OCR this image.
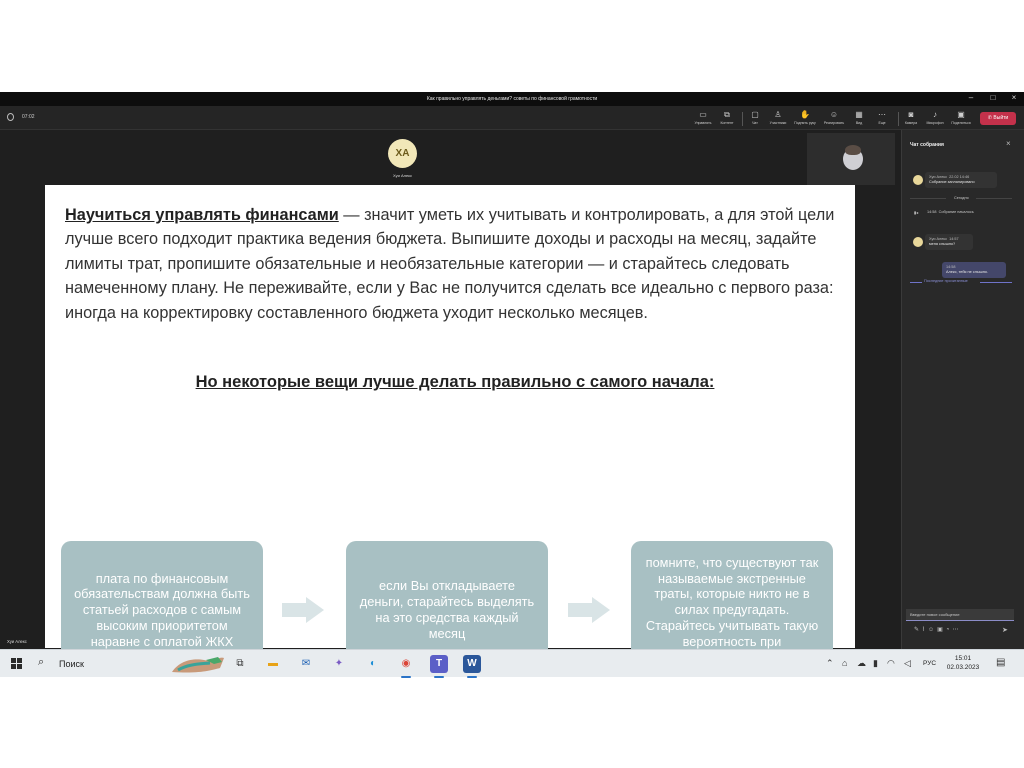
Как правильно управлять деньгами? советы по финансовой грамотности	–	□	×
07:02	▭
Управлять
⧉
Контент
▢
Чат
♙
Участники
✋
Поднять руку
☺
Реагировать
▦
Вид
⋯
Еще
◙
Камера
♪
Микрофон
▣
Поделиться
✆ Выйти
ХА
Хуи Алекс
Научиться управлять финансами — значит уметь их учитывать и контролировать, а для этой цели лучше всего подходит практика ведения бюджета. Выпишите доходы и расходы на месяц, задайте лимиты трат, пропишите обязательные и необязательные категории — и старайтесь следовать намеченному плану. Не переживайте, если у Вас не получится сделать все идеально с первого раза: иногда на корректировку составленного бюджета уходит несколько месяцев.
Но некоторые вещи лучше делать правильно с самого начала:
плата по финансовым обязательствам должна быть статьей расходов с самым высоким приоритетом наравне с оплатой ЖКХ
если Вы откладываете деньги, старайтесь выделять на это средства каждый месяц
помните, что существуют так называемые экстренные траты, которые никто не в силах предугадать. Старайтесь учитывать такую вероятность при
Хуи Алекс
Чат собрания	×
Хуи Алекс 22.02 14:46
Собрание запланировано
Сегодня
▮◂ 14:58 Собрание началось
Последние прочитанные
Хуи Алекс 14:57
меня слышно?
14:58
Алекс, тебя не слышно.
Введите новое сообщение
✎⌇☺▣◔⋯	➤
⌕ Поиск	⧉	▬	✉	✦	◐	◉	T	W	⌃ ⌂ ☁ ▮ ◠ ◁ РУС
15:01
02.03.2023	▤
